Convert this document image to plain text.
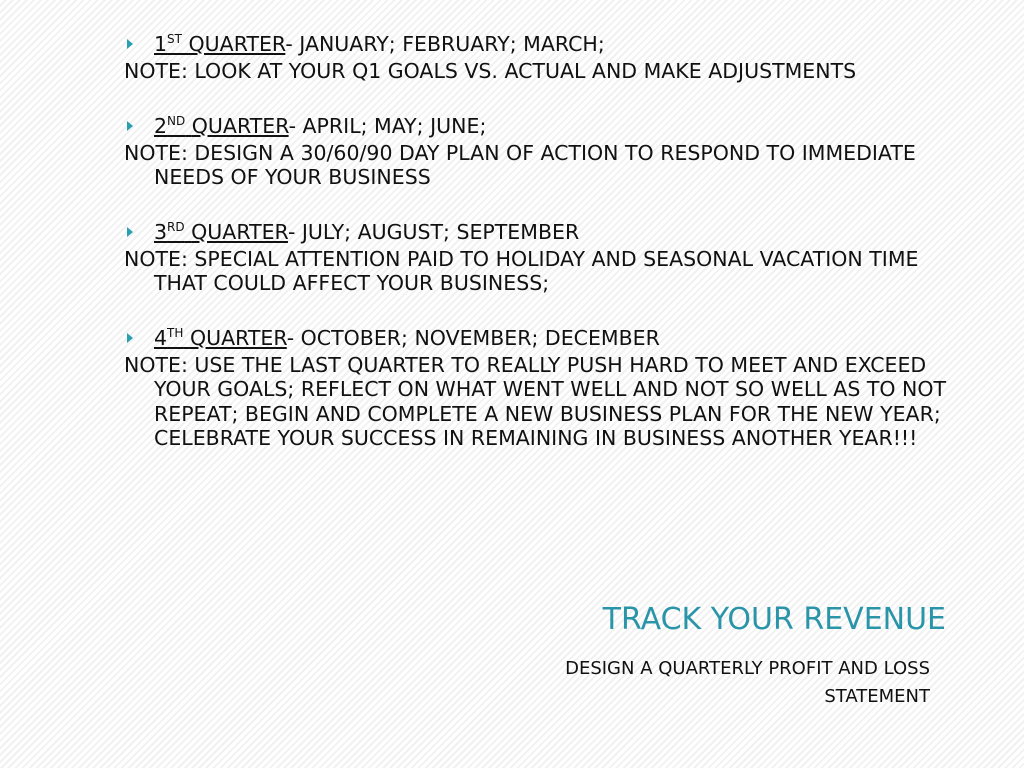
1ST QUARTER- JANUARY; FEBRUARY; MARCH;
NOTE: LOOK AT YOUR Q1 GOALS VS. ACTUAL AND MAKE ADJUSTMENTS
2ND QUARTER- APRIL; MAY; JUNE;
NOTE: DESIGN A 30/60/90 DAY PLAN OF ACTION TO RESPOND TO IMMEDIATE NEEDS OF YOUR BUSINESS
3RD QUARTER- JULY; AUGUST; SEPTEMBER
NOTE: SPECIAL ATTENTION PAID TO HOLIDAY AND SEASONAL VACATION TIME THAT COULD AFFECT YOUR BUSINESS;
4TH QUARTER- OCTOBER; NOVEMBER; DECEMBER
NOTE: USE THE LAST QUARTER TO REALLY PUSH HARD TO MEET AND EXCEED YOUR GOALS; REFLECT ON WHAT WENT WELL AND NOT SO WELL AS TO NOT REPEAT; BEGIN AND COMPLETE A NEW BUSINESS PLAN FOR THE NEW YEAR; CELEBRATE YOUR SUCCESS IN REMAINING IN BUSINESS ANOTHER YEAR!!!
TRACK YOUR REVENUE
DESIGN A QUARTERLY PROFIT AND LOSS STATEMENT
